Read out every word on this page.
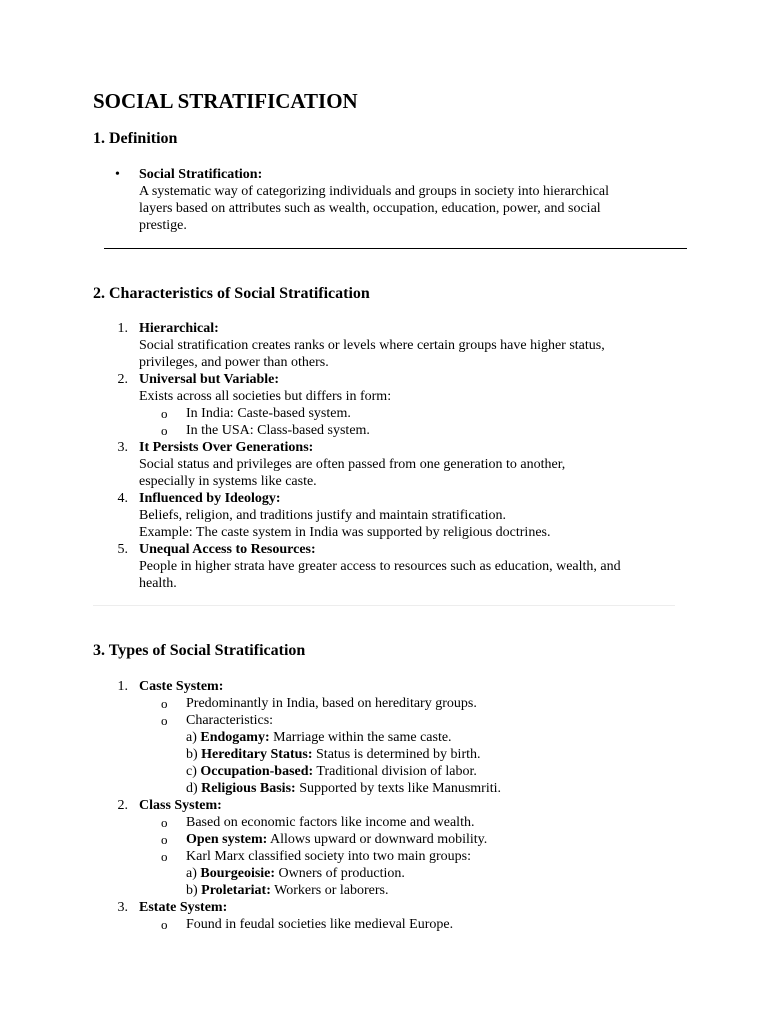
SOCIAL STRATIFICATION
1. Definition
• Social Stratification:
A systematic way of categorizing individuals and groups in society into hierarchical
layers based on attributes such as wealth, occupation, education, power, and social
prestige.
2. Characteristics of Social Stratification
1. Hierarchical:
Social stratification creates ranks or levels where certain groups have higher status,
privileges, and power than others.
2. Universal but Variable:
Exists across all societies but differs in form:
o In India: Caste-based system.
o In the USA: Class-based system.
3. It Persists Over Generations:
Social status and privileges are often passed from one generation to another,
especially in systems like caste.
4. Influenced by Ideology:
Beliefs, religion, and traditions justify and maintain stratification.
Example: The caste system in India was supported by religious doctrines.
5. Unequal Access to Resources:
People in higher strata have greater access to resources such as education, wealth, and
health.
3. Types of Social Stratification
1. Caste System:
o Predominantly in India, based on hereditary groups.
o Characteristics:
a) Endogamy: Marriage within the same caste.
b) Hereditary Status: Status is determined by birth.
c) Occupation-based: Traditional division of labor.
d) Religious Basis: Supported by texts like Manusmriti.
2. Class System:
o Based on economic factors like income and wealth.
o Open system: Allows upward or downward mobility.
o Karl Marx classified society into two main groups:
a) Bourgeoisie: Owners of production.
b) Proletariat: Workers or laborers.
3. Estate System:
o Found in feudal societies like medieval Europe.
